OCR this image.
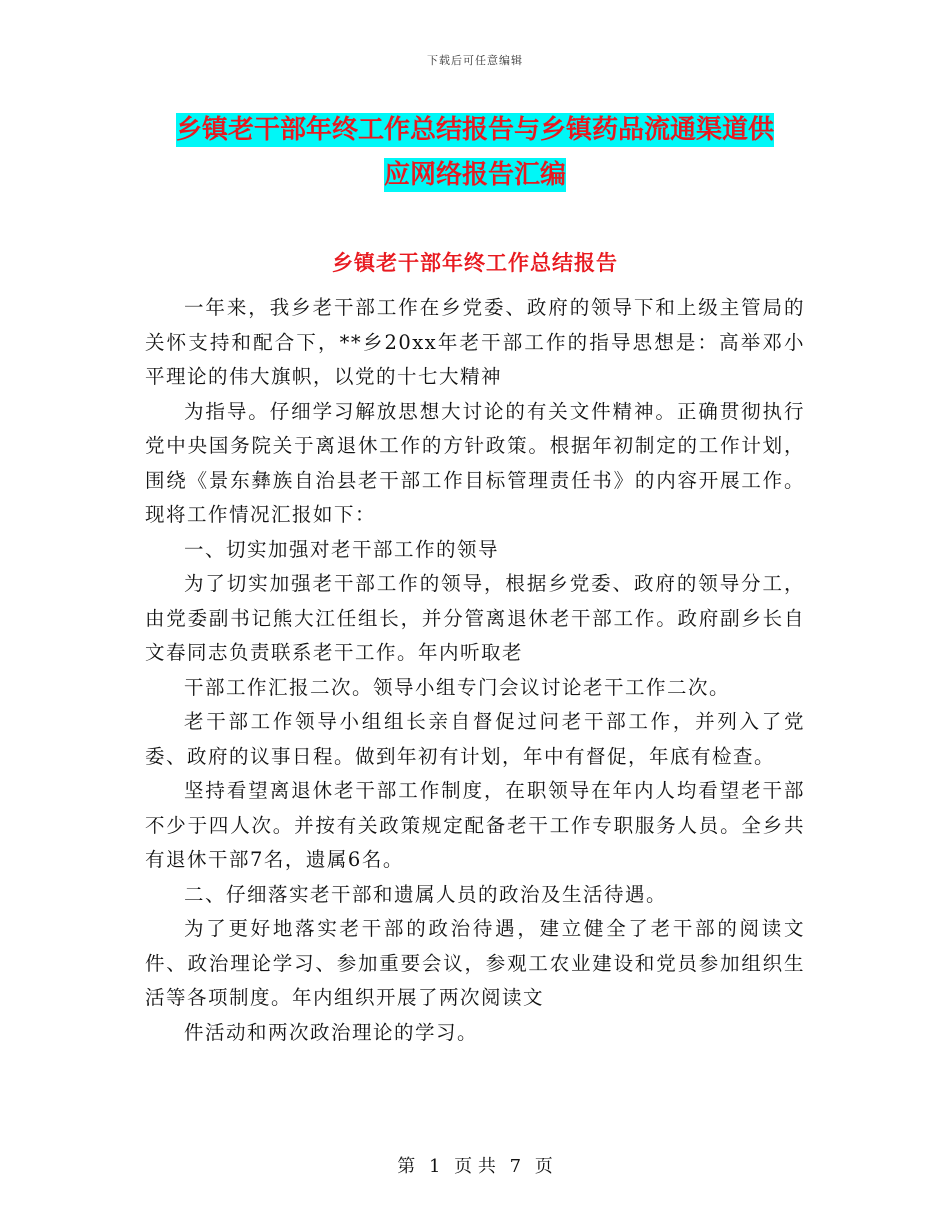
下载后可任意编辑
乡镇老干部年终工作总结报告与乡镇药品流通渠道供
应网络报告汇编
乡镇老干部年终工作总结报告

一年来，我乡老干部工作在乡党委、政府的领导下和上级主管局的关怀支持和配合下，**乡20xx年老干部工作的指导思想是：高举邓小平理论的伟大旗帜，以党的十七大精神

为指导。仔细学习解放思想大讨论的有关文件精神。正确贯彻执行党中央国务院关于离退休工作的方针政策。根据年初制定的工作计划，围绕《景东彝族自治县老干部工作目标管理责任书》的内容开展工作。现将工作情况汇报如下：

一、切实加强对老干部工作的领导

为了切实加强老干部工作的领导，根据乡党委、政府的领导分工，由党委副书记熊大江任组长，并分管离退休老干部工作。政府副乡长自文春同志负责联系老干工作。年内听取老

干部工作汇报二次。领导小组专门会议讨论老干工作二次。

老干部工作领导小组组长亲自督促过问老干部工作，并列入了党委、政府的议事日程。做到年初有计划，年中有督促，年底有检查。

坚持看望离退休老干部工作制度，在职领导在年内人均看望老干部不少于四人次。并按有关政策规定配备老干工作专职服务人员。全乡共有退休干部7名，遗属6名。

二、仔细落实老干部和遗属人员的政治及生活待遇。

为了更好地落实老干部的政治待遇，建立健全了老干部的阅读文件、政治理论学习、参加重要会议，参观工农业建设和党员参加组织生活等各项制度。年内组织开展了两次阅读文

件活动和两次政治理论的学习。

第 1 页 共 7 页
